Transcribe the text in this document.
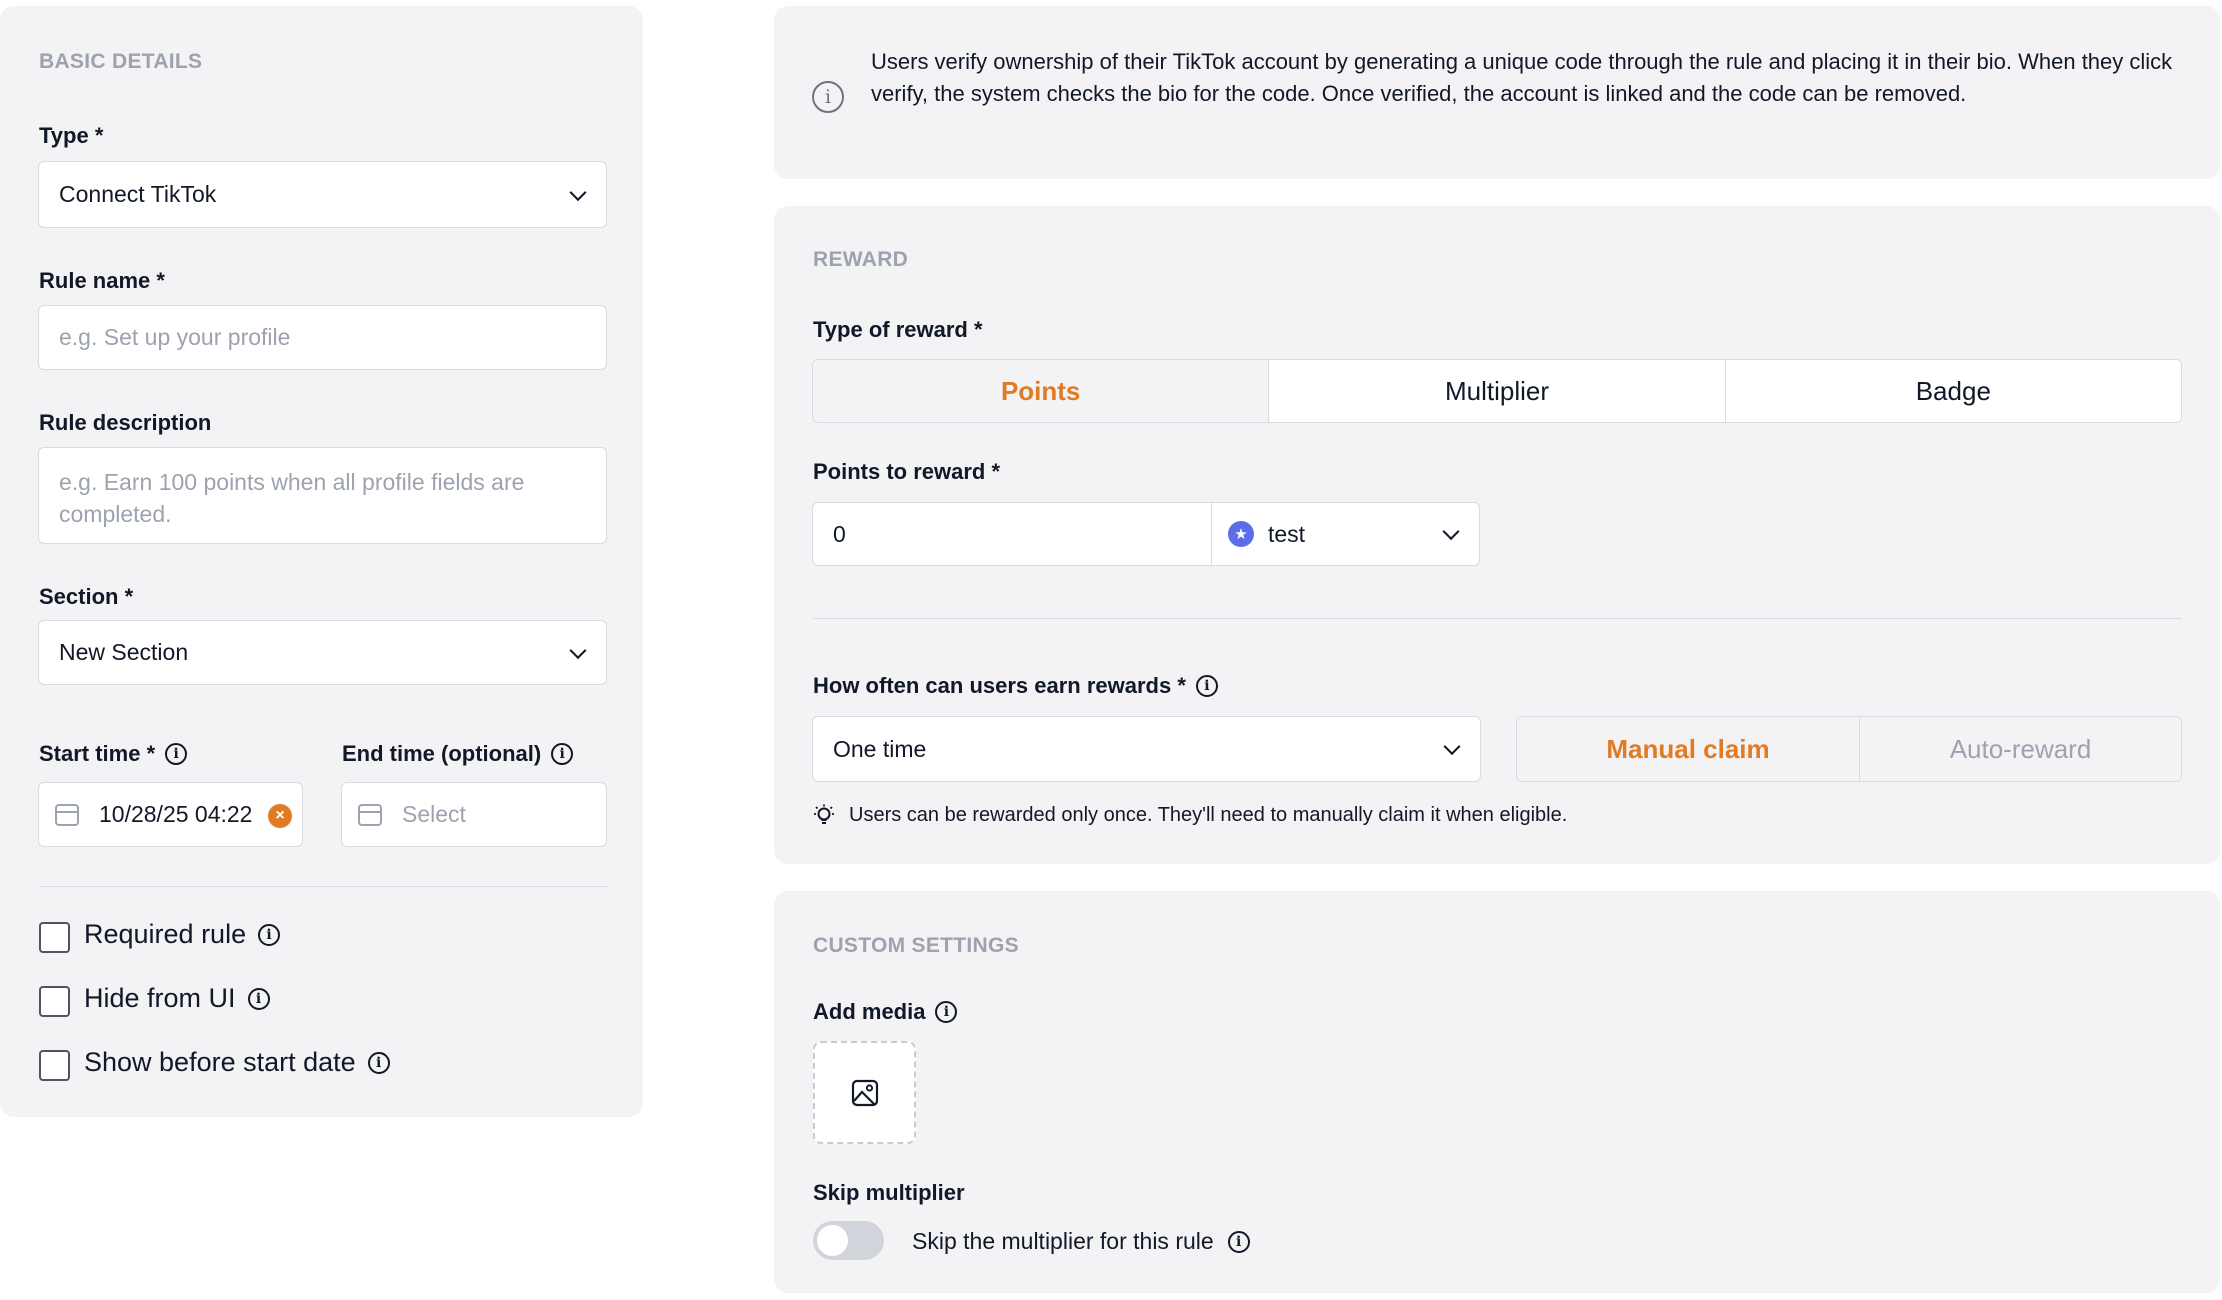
BASIC DETAILS
Type *
Connect TikTok
Rule name *
e.g. Set up your profile
Rule description
e.g. Earn 100 points when all profile fields are completed.
Section *
New Section
Start time *	i
10/28/25 04:22	×
End time (optional)	i
Select
Required rule	i
Hide from UI	i
Show before start date	i
i
Users verify ownership of their TikTok account by generating a unique code through the rule and placing it in their bio. When they click verify, the system checks the bio for the code. Once verified, the account is linked and the code can be removed.
REWARD
Type of reward *
Points	Multiplier	Badge
Points to reward *
0	★ test
How often can users earn rewards *	i
One time	Manual claim	Auto-reward
Users can be rewarded only once. They'll need to manually claim it when eligible.
CUSTOM SETTINGS
Add media	i
Skip multiplier
Skip the multiplier for this rule	i
